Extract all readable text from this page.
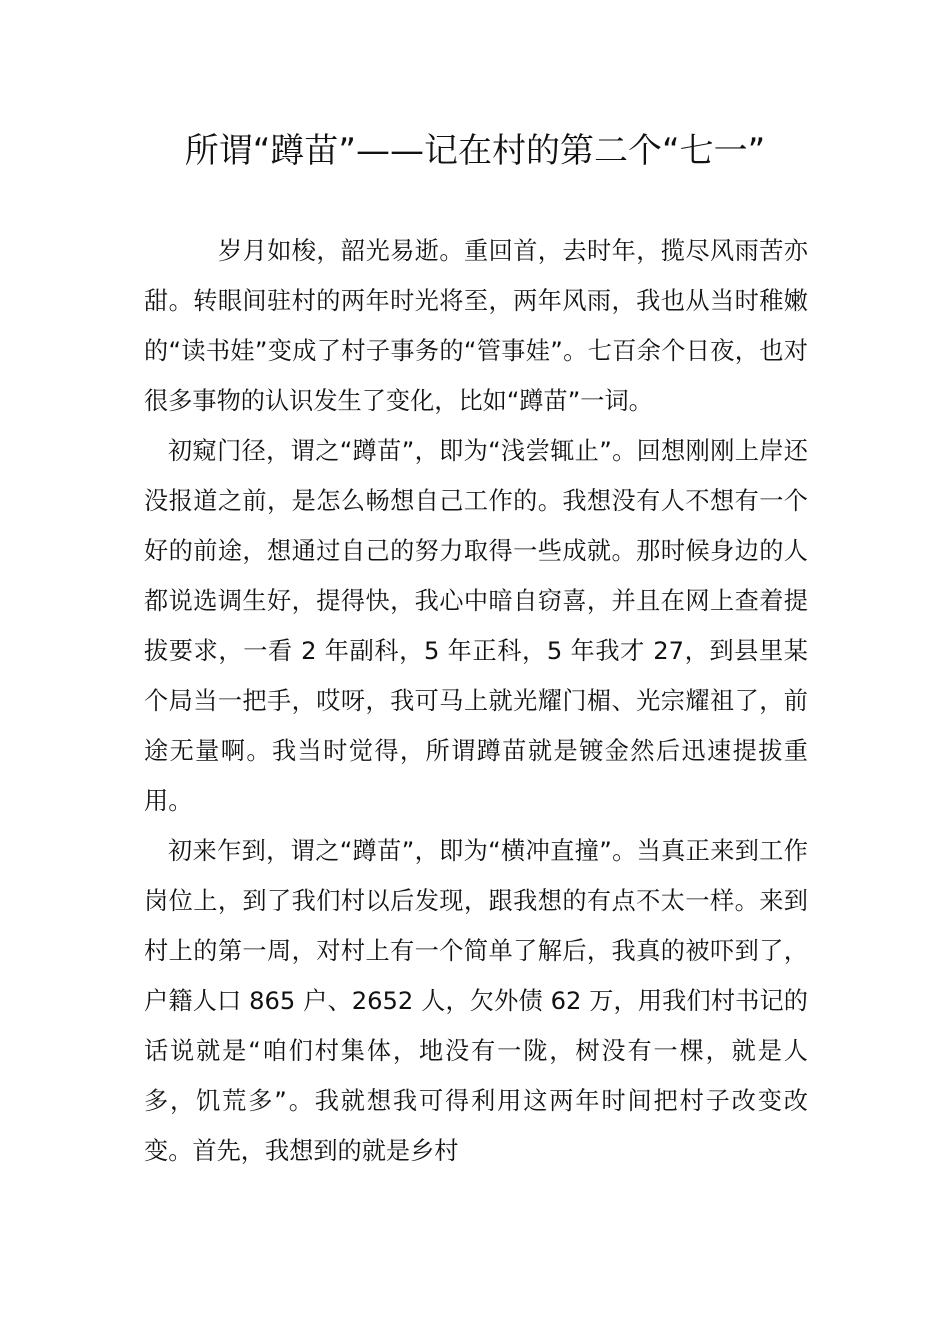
所谓“蹲苗”——记在村的第二个“七一”

岁月如梭，韶光易逝。重回首，去时年，揽尽风雨苦亦甜。转眼间驻村的两年时光将至，两年风雨，我也从当时稚嫩的“读书娃”变成了村子事务的“管事娃”。七百余个日夜，也对很多事物的认识发生了变化，比如“蹲苗”一词。

初窥门径，谓之“蹲苗”，即为“浅尝辄止”。回想刚刚上岸还没报道之前，是怎么畅想自己工作的。我想没有人不想有一个好的前途，想通过自己的努力取得一些成就。那时候身边的人都说选调生好，提得快，我心中暗自窃喜，并且在网上查着提拔要求，一看 2 年副科，5 年正科，5 年我才 27，到县里某个局当一把手，哎呀，我可马上就光耀门楣、光宗耀祖了，前途无量啊。我当时觉得，所谓蹲苗就是镀金然后迅速提拔重用。

初来乍到，谓之“蹲苗”，即为“横冲直撞”。当真正来到工作岗位上，到了我们村以后发现，跟我想的有点不太一样。来到村上的第一周，对村上有一个简单了解后，我真的被吓到了，户籍人口 865 户、2652 人，欠外债 62 万，用我们村书记的话说就是“咱们村集体，地没有一陇，树没有一棵，就是人多，饥荒多”。我就想我可得利用这两年时间把村子改变改变。首先，我想到的就是乡村
